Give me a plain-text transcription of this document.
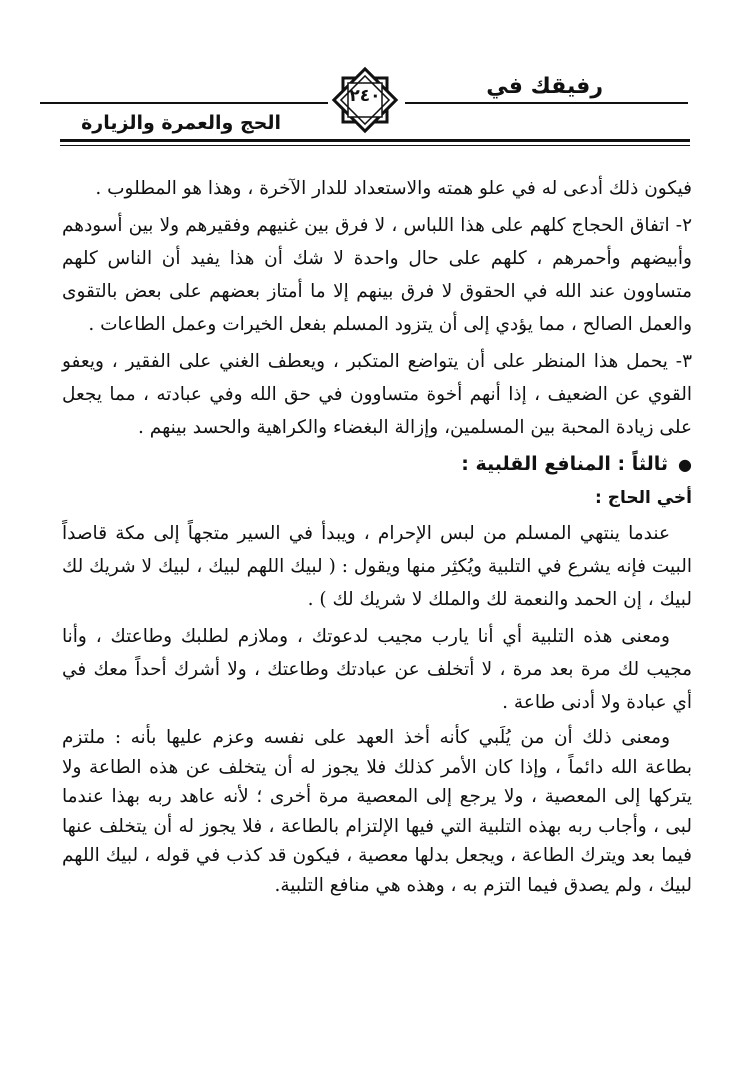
رفيقك في
الحج والعمرة والزيارة
٢٤٠

فيكون ذلك أدعى له في علو همته والاستعداد للدار الآخرة ، وهذا هو المطلوب .

٢- اتفاق الحجاج كلهم على هذا اللباس ، لا فرق بين غنيهم وفقيرهم ولا بين أسودهم وأبيضهم وأحمرهم ، كلهم على حال واحدة لا شك أن هذا يفيد أن الناس كلهم متساوون عند الله في الحقوق لا فرق بينهم إلا ما أمتاز بعضهم على بعض بالتقوى والعمل الصالح ، مما يؤدي إلى أن يتزود المسلم بفعل الخيرات وعمل الطاعات .

٣- يحمل هذا المنظر على أن يتواضع المتكبر ، ويعطف الغني على الفقير ، ويعفو القوي عن الضعيف ، إذا أنهم أخوة متساوون في حق الله وفي عبادته ، مما يجعل على زيادة المحبة بين المسلمين، وإزالة البغضاء والكراهية والحسد بينهم .

●ثالثاً : المنافع القلبية :

أخي الحاج :

عندما ينتهي المسلم من لبس الإحرام ، ويبدأ في السير متجهاً إلى مكة قاصداً البيت فإنه يشرع في التلبية ويُكثِر منها ويقول : ( لبيك اللهم لبيك ، لبيك لا شريك لك لبيك ، إن الحمد والنعمة لك والملك لا شريك لك ) .

ومعنى هذه التلبية أي أنا يارب مجيب لدعوتك ، وملازم لطلبك وطاعتك ، وأنا مجيب لك مرة بعد مرة ، لا أتخلف عن عبادتك وطاعتك ، ولا أشرك أحداً معك في أي عبادة ولا أدنى طاعة .

ومعنى ذلك أن من يُلَبي كأنه أخذ العهد على نفسه وعزم عليها بأنه : ملتزم بطاعة الله دائماً ، وإذا كان الأمر كذلك فلا يجوز له أن يتخلف عن هذه الطاعة ولا يتركها إلى المعصية ، ولا يرجع إلى المعصية مرة أخرى ؛ لأنه عاهد ربه بهذا عندما لبى ، وأجاب ربه بهذه التلبية التي فيها الإلتزام بالطاعة ، فلا يجوز له أن يتخلف عنها فيما بعد ويترك الطاعة ، ويجعل بدلها معصية ، فيكون قد كذب في قوله ، لبيك اللهم لبيك ، ولم يصدق فيما التزم به ، وهذه هي منافع التلبية.
